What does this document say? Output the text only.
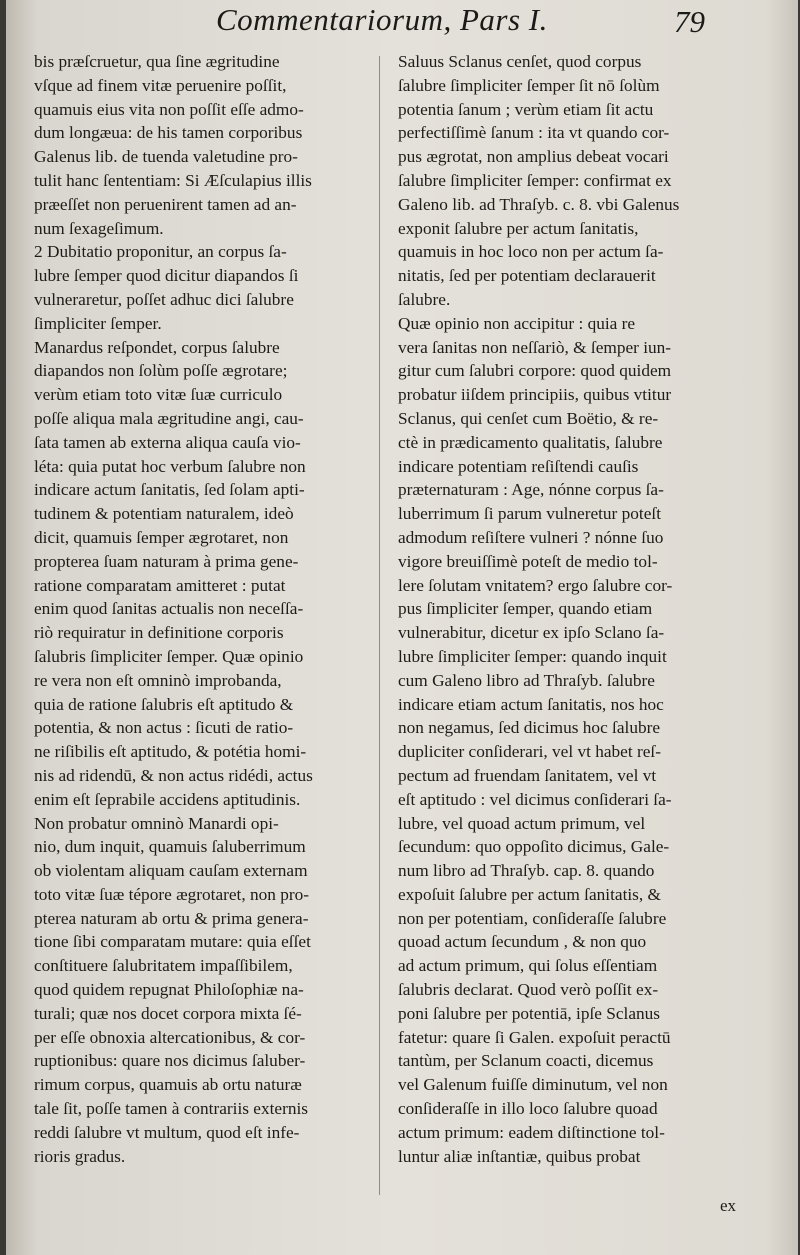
Commentariorum, Pars I.	79
bis præſcruetur, qua ſine ægritudine
vſque ad finem vitæ peruenire poſſit,
quamuis eius vita non poſſit eſſe admo-
dum longæua: de his tamen corporibus
Galenus lib. de tuenda valetudine pro-
tulit hanc ſententiam: Si Æſculapius illis
præeſſet non peruenirent tamen ad an-
num ſexageſimum.
2 Dubitatio proponitur, an corpus ſa-
lubre ſemper quod dicitur diapandos ſi
vulneraretur, poſſet adhuc dici ſalubre
ſimpliciter ſemper.
Manardus reſpondet, corpus ſalubre
diapandos non ſolùm poſſe ægrotare;
verùm etiam toto vitæ ſuæ curriculo
poſſe aliqua mala ægritudine angi, cau-
ſata tamen ab externa aliqua cauſa vio-
léta: quia putat hoc verbum ſalubre non
indicare actum ſanitatis, ſed ſolam apti-
tudinem & potentiam naturalem, ideò
dicit, quamuis ſemper ægrotaret, non
propterea ſuam naturam à prima gene-
ratione comparatam amitteret : putat
enim quod ſanitas actualis non neceſſa-
riò requiratur in definitione corporis
ſalubris ſimpliciter ſemper. Quæ opinio
re vera non eſt omninò improbanda,
quia de ratione ſalubris eſt aptitudo &
potentia, & non actus : ſicuti de ratio-
ne riſibilis eſt aptitudo, & potétia homi-
nis ad ridendū, & non actus ridédi, actus
enim eſt ſeprabile accidens aptitudinis.
Non probatur omninò Manardi opi-
nio, dum inquit, quamuis ſaluberrimum
ob violentam aliquam cauſam externam
toto vitæ ſuæ tépore ægrotaret, non pro-
pterea naturam ab ortu & prima genera-
tione ſibi comparatam mutare: quia eſſet
conſtituere ſalubritatem impaſſibilem,
quod quidem repugnat Philoſophiæ na-
turali; quæ nos docet corpora mixta ſé-
per eſſe obnoxia altercationibus, & cor-
ruptionibus: quare nos dicimus ſaluber-
rimum corpus, quamuis ab ortu naturæ
tale ſit, poſſe tamen à contrariis externis
reddi ſalubre vt multum, quod eſt infe-
rioris gradus.
Saluus Sclanus cenſet, quod corpus
ſalubre ſimpliciter ſemper ſit nō ſolùm
potentia ſanum ; verùm etiam ſit actu
perfectiſſimè ſanum : ita vt quando cor-
pus ægrotat, non amplius debeat vocari
ſalubre ſimpliciter ſemper: confirmat ex
Galeno lib. ad Thraſyb. c. 8. vbi Galenus
exponit ſalubre per actum ſanitatis,
quamuis in hoc loco non per actum ſa-
nitatis, ſed per potentiam declarauerit
ſalubre.
Quæ opinio non accipitur : quia re
vera ſanitas non neſſariò, & ſemper iun-
gitur cum ſalubri corpore: quod quidem
probatur iiſdem principiis, quibus vtitur
Sclanus, qui cenſet cum Boëtio, & re-
ctè in prædicamento qualitatis, ſalubre
indicare potentiam reſiſtendi cauſis
præternaturam : Age, nónne corpus ſa-
luberrimum ſi parum vulneretur poteſt
admodum reſiſtere vulneri ? nónne ſuo
vigore breuiſſimè poteſt de medio tol-
lere ſolutam vnitatem? ergo ſalubre cor-
pus ſimpliciter ſemper, quando etiam
vulnerabitur, dicetur ex ipſo Sclano ſa-
lubre ſimpliciter ſemper: quando inquit
cum Galeno libro ad Thraſyb. ſalubre
indicare etiam actum ſanitatis, nos hoc
non negamus, ſed dicimus hoc ſalubre
dupliciter conſiderari, vel vt habet reſ-
pectum ad fruendam ſanitatem, vel vt
eſt aptitudo : vel dicimus conſiderari ſa-
lubre, vel quoad actum primum, vel
ſecundum: quo oppoſito dicimus, Gale-
num libro ad Thraſyb. cap. 8. quando
expoſuit ſalubre per actum ſanitatis, &
non per potentiam, conſideraſſe ſalubre
quoad actum ſecundum , & non quo
ad actum primum, qui ſolus eſſentiam
ſalubris declarat. Quod verò poſſit ex-
poni ſalubre per potentiā, ipſe Sclanus
fatetur: quare ſi Galen. expoſuit peractū
tantùm, per Sclanum coacti, dicemus
vel Galenum fuiſſe diminutum, vel non
conſideraſſe in illo loco ſalubre quoad
actum primum: eadem diſtinctione tol-
luntur aliæ inſtantiæ, quibus probat
ex
